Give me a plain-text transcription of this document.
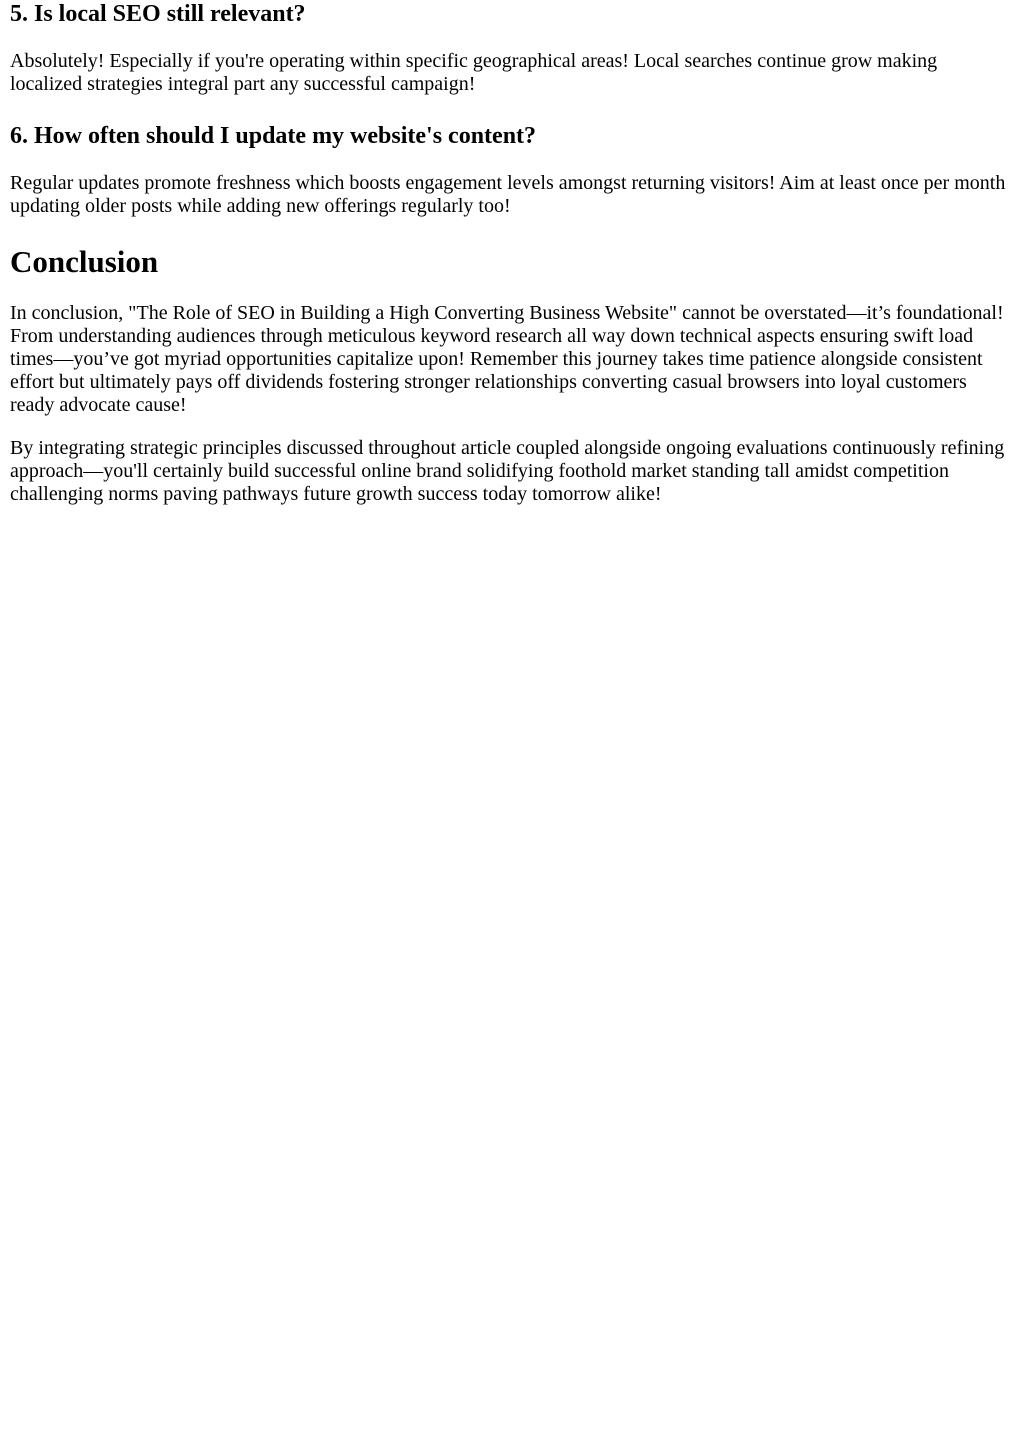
5. Is local SEO still relevant?

Absolutely! Especially if you're operating within specific geographical areas! Local searches continue grow making localized strategies integral part any successful campaign!

6. How often should I update my website's content?

Regular updates promote freshness which boosts engagement levels amongst returning visitors! Aim at least once per month updating older posts while adding new offerings regularly too!

Conclusion

In conclusion, "The Role of SEO in Building a High Converting Business Website" cannot be overstated—it’s foundational! From understanding audiences through meticulous keyword research all way down technical aspects ensuring swift load times—you’ve got myriad opportunities capitalize upon! Remember this journey takes time patience alongside consistent effort but ultimately pays off dividends fostering stronger relationships converting casual browsers into loyal customers ready advocate cause!

By integrating strategic principles discussed throughout article coupled alongside ongoing evaluations continuously refining approach—you'll certainly build successful online brand solidifying foothold market standing tall amidst competition challenging norms paving pathways future growth success today tomorrow alike!
